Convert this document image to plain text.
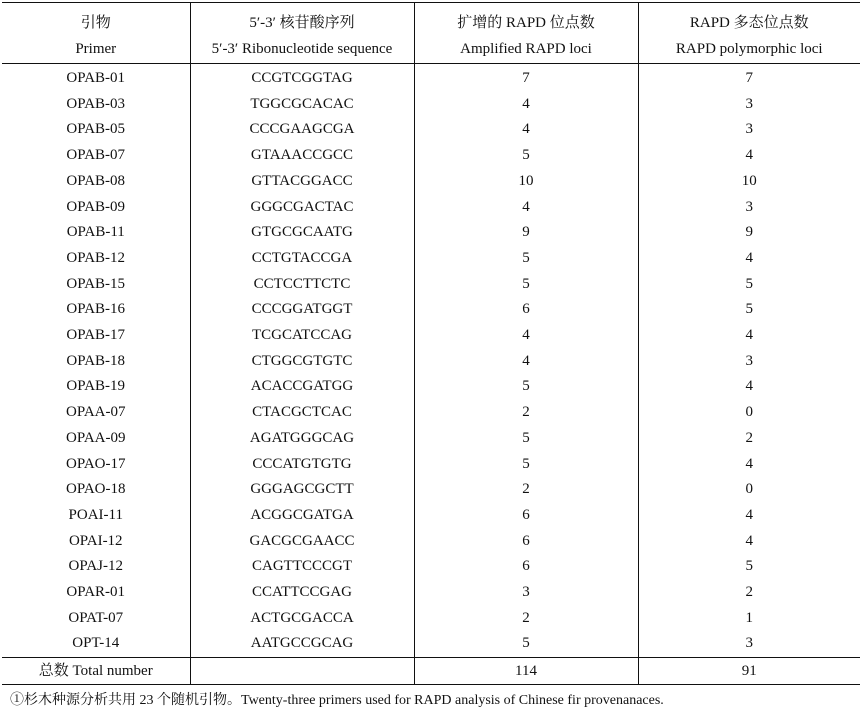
引物	5′-3′ 核苷酸序列	扩增的 RAPD 位点数	RAPD 多态位点数
Primer	5′-3′ Ribonucleotide sequence	Amplified RAPD loci	RAPD polymorphic loci
OPAB-01	CCGTCGGTAG	7	7
OPAB-03	TGGCGCACAC	4	3
OPAB-05	CCCGAAGCGA	4	3
OPAB-07	GTAAACCGCC	5	4
OPAB-08	GTTACGGACC	10	10
OPAB-09	GGGCGACTAC	4	3
OPAB-11	GTGCGCAATG	9	9
OPAB-12	CCTGTACCGA	5	4
OPAB-15	CCTCCTTCTC	5	5
OPAB-16	CCCGGATGGT	6	5
OPAB-17	TCGCATCCAG	4	4
OPAB-18	CTGGCGTGTC	4	3
OPAB-19	ACACCGATGG	5	4
OPAA-07	CTACGCTCAC	2	0
OPAA-09	AGATGGGCAG	5	2
OPAO-17	CCCATGTGTG	5	4
OPAO-18	GGGAGCGCTT	2	0
POAI-11	ACGGCGATGA	6	4
OPAI-12	GACGCGAACC	6	4
OPAJ-12	CAGTTCCCGT	6	5
OPAR-01	CCATTCCGAG	3	2
OPAT-07	ACTGCGACCA	2	1
OPT-14	AATGCCGCAG	5	3
总数 Total number		114	91
①杉木种源分析共用 23 个随机引物。Twenty-three primers used for RAPD analysis of Chinese fir provenanaces.
